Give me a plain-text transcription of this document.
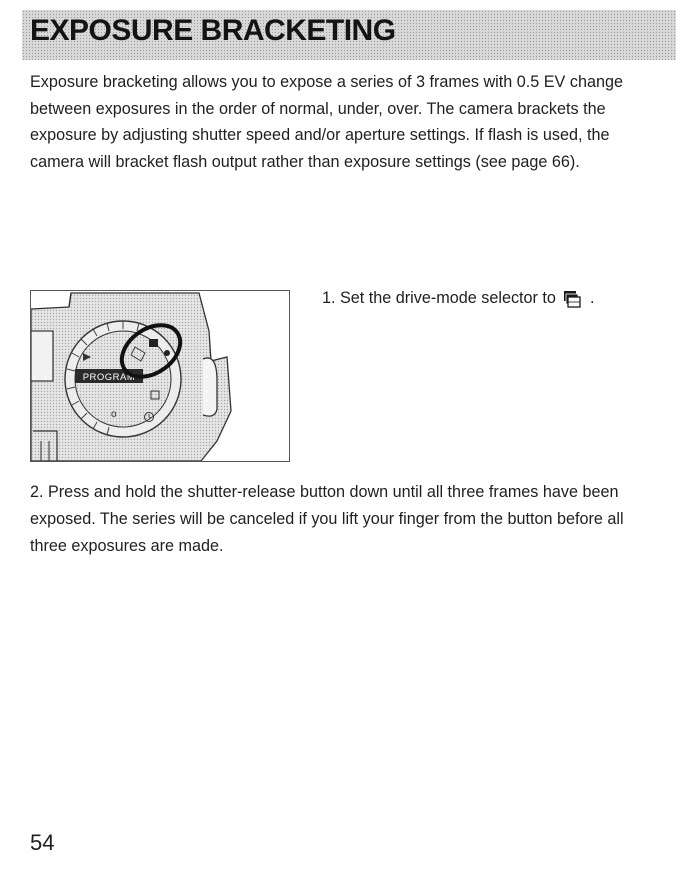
EXPOSURE BRACKETING

Exposure bracketing allows you to expose a series of 3 frames with 0.5 EV change between exposures in the order of normal, under, over. The camera brackets the exposure by adjusting shutter speed and/or aperture settings. If flash is used, the camera will bracket flash output rather than exposure settings (see page 66).

PROGRAM
o

1. Set the drive-mode selector to .

2. Press and hold the shutter-release button down until all three frames have been exposed. The series will be canceled if you lift your finger from the button before all three exposures are made.

54
